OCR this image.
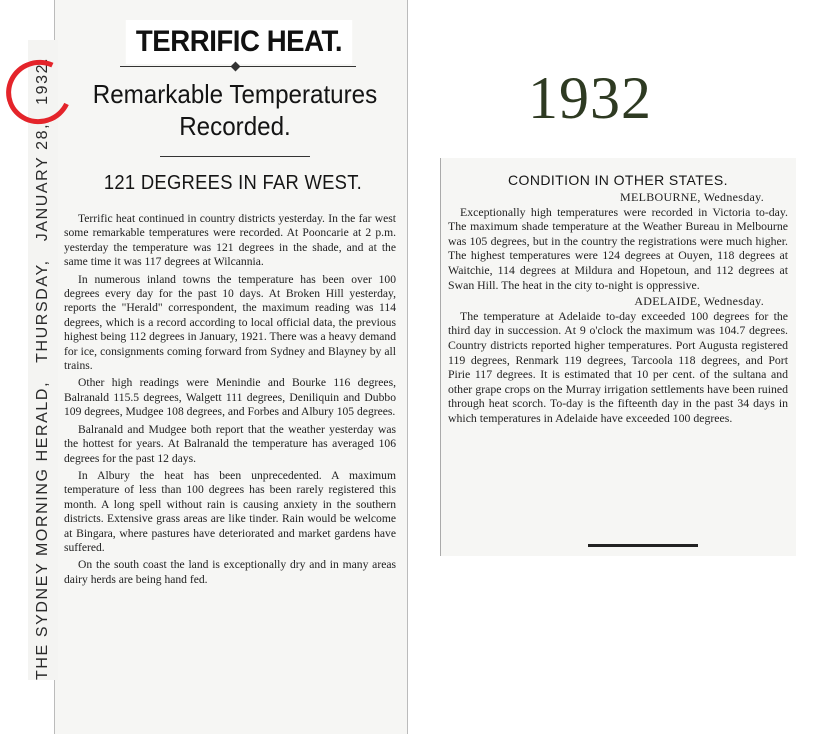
THE SYDNEY MORNING HERALD,
THURSDAY,
JANUARY 28,
1932.
TERRIFIC HEAT.
Remarkable Temperatures
Recorded.
121 DEGREES IN FAR WEST.

Terrific heat continued in country districts yesterday. In the far west some remarkable temperatures were recorded. At Pooncarie at 2 p.m. yesterday the temperature was 121 degrees in the shade, and at the same time it was 117 degrees at Wilcannia.

In numerous inland towns the temperature has been over 100 degrees every day for the past 10 days. At Broken Hill yesterday, reports the "Herald" correspondent, the maximum reading was 114 degrees, which is a record according to local official data, the previous highest being 112 degrees in January, 1921. There was a heavy demand for ice, consignments coming forward from Sydney and Blayney by all trains.

Other high readings were Menindie and Bourke 116 degrees, Balranald 115.5 degrees, Walgett 111 degrees, Deniliquin and Dubbo 109 degrees, Mudgee 108 degrees, and Forbes and Albury 105 degrees.

Balranald and Mudgee both report that the weather yesterday was the hottest for years. At Balranald the temperature has averaged 106 degrees for the past 12 days.

In Albury the heat has been unprecedented. A maximum temperature of less than 100 degrees has been rarely registered this month. A long spell without rain is causing anxiety in the southern districts. Extensive grass areas are like tinder. Rain would be welcome at Bingara, where pastures have deteriorated and market gardens have suffered.

On the south coast the land is exceptionally dry and in many areas dairy herds are being hand fed.

1932
CONDITION IN OTHER STATES.

MELBOURNE, Wednesday.

Exceptionally high temperatures were recorded in Victoria to-day. The maximum shade temperature at the Weather Bureau in Melbourne was 105 degrees, but in the country the registrations were much higher. The highest temperatures were 124 degrees at Ouyen, 118 degrees at Waitchie, 114 degrees at Mildura and Hopetoun, and 112 degrees at Swan Hill. The heat in the city to-night is oppressive.

ADELAIDE, Wednesday.

The temperature at Adelaide to-day exceeded 100 degrees for the third day in succession. At 9 o'clock the maximum was 104.7 degrees. Country districts reported higher temperatures. Port Augusta registered 119 degrees, Renmark 119 degrees, Tarcoola 118 degrees, and Port Pirie 117 degrees. It is estimated that 10 per cent. of the sultana and other grape crops on the Murray irrigation settlements have been ruined through heat scorch. To-day is the fifteenth day in the past 34 days in which temperatures in Adelaide have exceeded 100 degrees.
